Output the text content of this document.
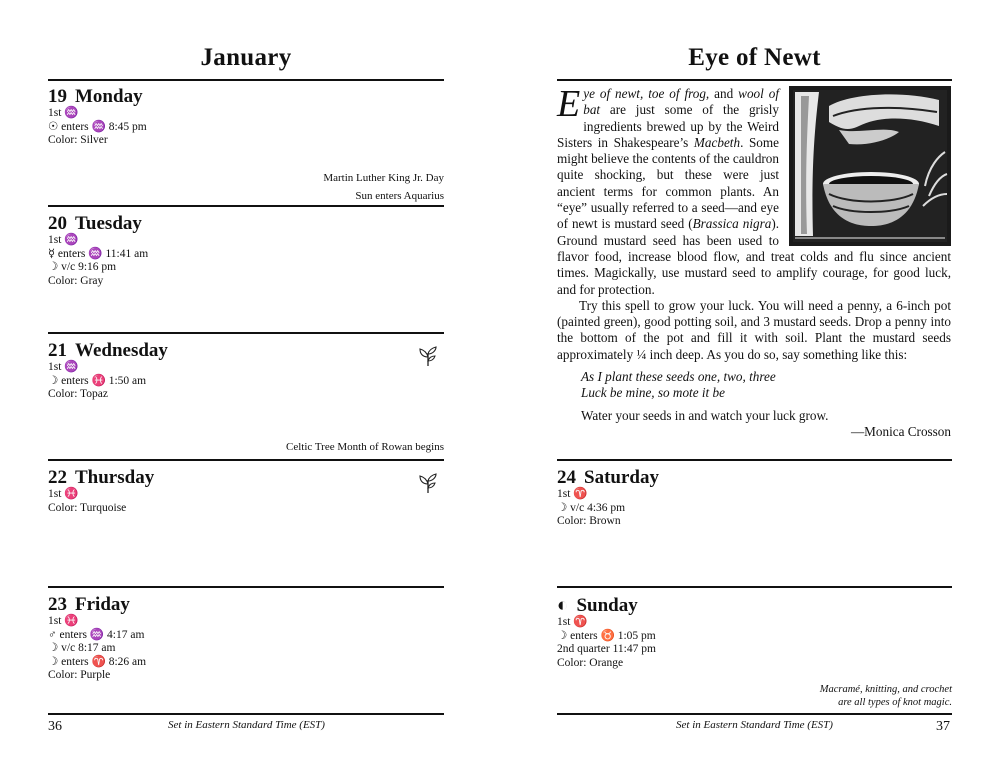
January
19 Monday
1st ♒
☉ enters ♒ 8:45 pm
Color: Silver
Martin Luther King Jr. Day
Sun enters Aquarius
20 Tuesday
1st ♒
☿ enters ♒ 11:41 am
☽ v/c 9:16 pm
Color: Gray
21 Wednesday
1st ♒
☽ enters ♓ 1:50 am
Color: Topaz
Celtic Tree Month of Rowan begins
22 Thursday
1st ♓
Color: Turquoise
23 Friday
1st ♓
♂ enters ♒ 4:17 am
☽ v/c 8:17 am
☽ enters ♈ 8:26 am
Color: Purple
36	Set in Eastern Standard Time (EST)
Eye of Newt

Eye of newt, toe of frog, and wool of bat are just some of the grisly ingredients brewed up by the Weird Sisters in Shakespeare’s Macbeth. Some might believe the contents of the cauldron quite shocking, but these were just ancient terms for common plants. An “eye” usually referred to a seed—and eye of newt is mustard seed (Brassica nigra). Ground mustard seed has been used to flavor food, increase blood flow, and treat colds and flu since ancient times. Magickally, use mustard seed to amplify courage, for good luck, and for protection.

Try this spell to grow your luck. You will need a penny, a 6-inch pot (painted green), good potting soil, and 3 mustard seeds. Drop a penny into the bottom of the pot and fill it with soil. Plant the mustard seeds approximately ¼ inch deep. As you do so, say something like this:

As I plant these seeds one, two, three
Luck be mine, so mote it be

Water your seeds in and watch your luck grow.

—Monica Crosson

24 Saturday
1st ♈
☽ v/c 4:36 pm
Color: Brown
◐ Sunday
1st ♈
☽ enters ♉ 1:05 pm
2nd quarter 11:47 pm
Color: Orange
Macramé, knitting, and crochet
are all types of knot magic.
Set in Eastern Standard Time (EST)	37
